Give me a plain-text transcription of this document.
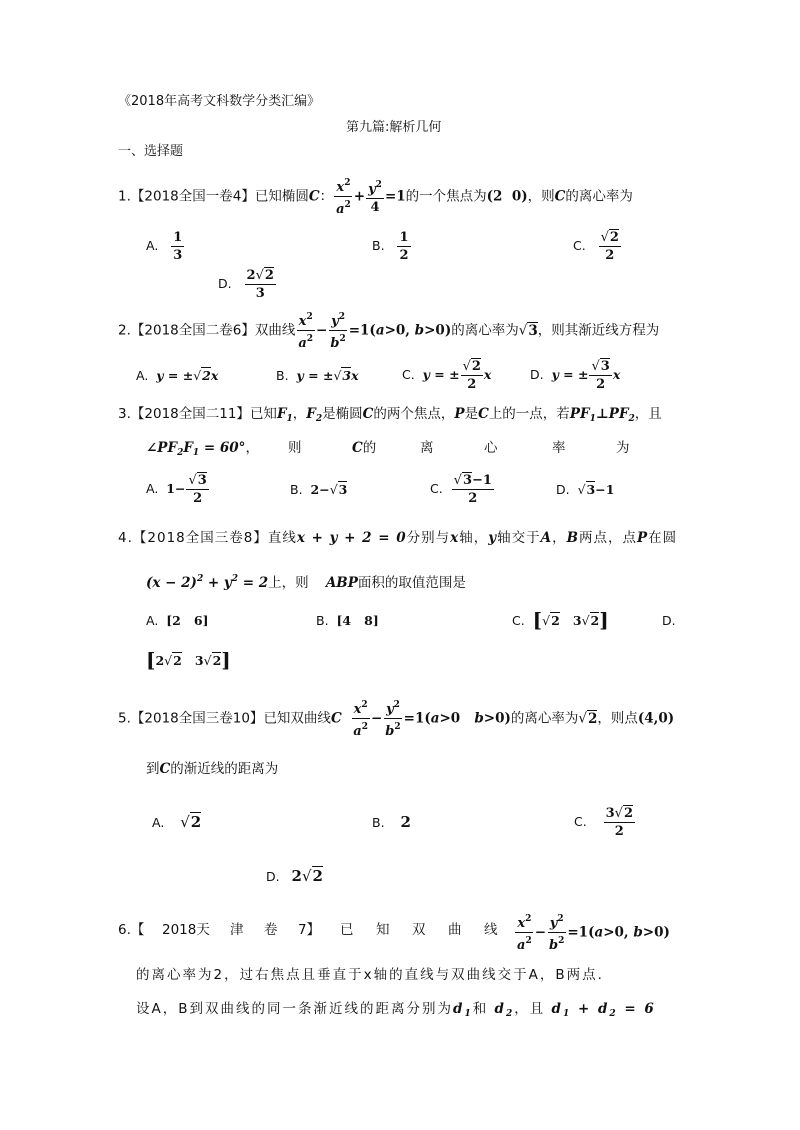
《2018年高考文科数学分类汇编》
第九篇:解析几何
一、选择题
1.【2018全国一卷4】已知椭圆C： $\frac{x^2}{a^2} + \frac{y^2}{4} =1$的一个焦点为(2  0)，则C的离心率为
A. $\frac{1}{3}$	B. $\frac{1}{2}$	C. $\frac{√2}{2}$
D. $\frac{2√2}{3}$
2.【2018全国二卷6】双曲线 $\frac{x^2}{a^2} - \frac{y^2}{b^2} =1(a>0$, b>0)的离心率为√3，则其渐近线方程为
A. y = ±√2x	B. y = ±√3x	C. y = ± $\frac{√2}{2}$ x	D. y = ± $\frac{√3}{2}$ x
3.【2018全国二11】已知$F_1$，$F_2$是椭圆C的两个焦点，P是C上的一点，若$PF_1\perp PF_2$，且
$\angle PF_2F_1 = 60^\circ$， 则	C的	离	心	率	为
A. $1- \frac{√3}{2}$	B. 2−√3	C. $\frac{√3-1}{2}$	D. √3−1
4.【2018全国三卷8】直线x + y + 2 = 0分别与x轴，y轴交于A，B两点，点P在圆
$(x - 2)^2 + y^2 = 2$上，则 ABP面积的取值范围是
A. [2   6]	B. [4   8]	C. [√2   3√2]	D.
[2√2   3√2]
5.【2018全国三卷10】已知双曲线C $\frac{x^2}{a^2} - \frac{y^2}{b^2} =1(a>0$   b>0)的离心率为√2，则点(4,0)
到C的渐近线的距离为
A. √2	B. 2	C. $\frac{3√2}{2}$
D. 2√2
6.【 2018天 津 卷 7】 已 知 双 曲 线 $\frac{x^2}{a^2} - \frac{y^2}{b^2} =1(a>0$, b>0)
的离心率为2，过右焦点且垂直于x轴的直线与双曲线交于A，B两点．
设A，B到双曲线的同一条渐近线的距离分别为$d_1$和 $d_2$，且 $d_1 + d_2 = 6$
